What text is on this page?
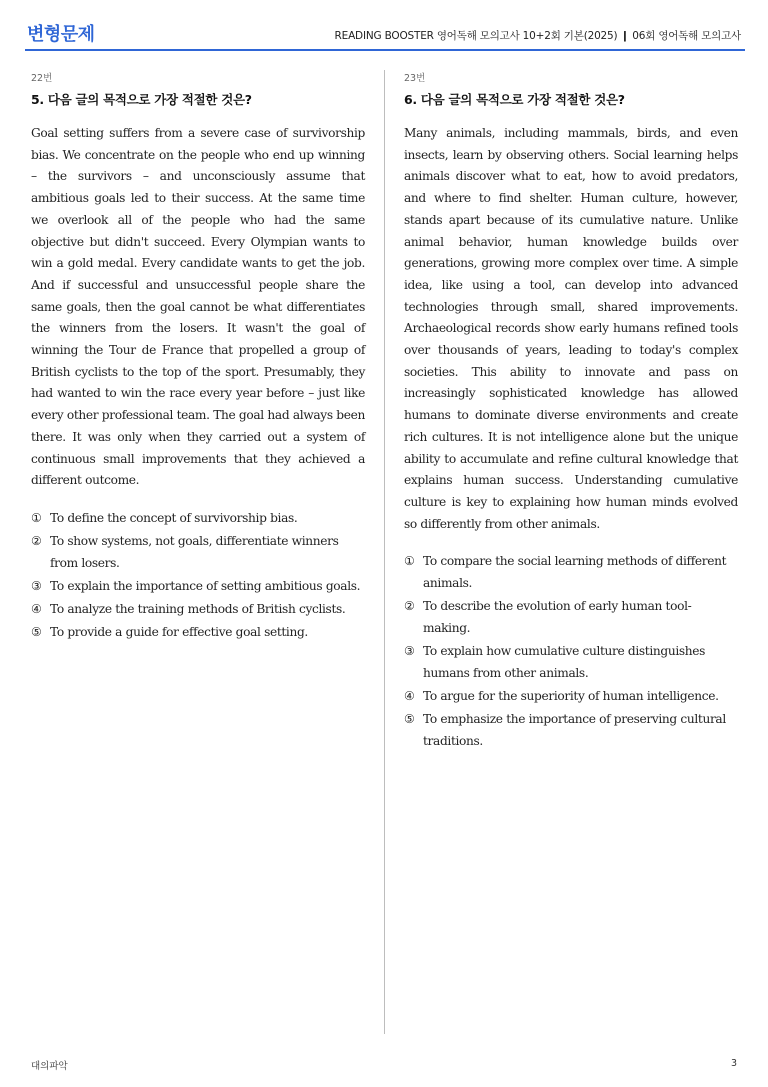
변형문제	READING BOOSTER 영어독해 모의고사 10+2회 기본(2025) ❙ 06회 영어독해 모의고사
22번
5. 다음 글의 목적으로 가장 적절한 것은?

Goal setting suffers from a severe case of survivorship bias. We concentrate on the people who end up winning – the survivors – and unconsciously assume that ambitious goals led to their success. At the same time we overlook all of the people who had the same objective but didn't succeed. Every Olympian wants to win a gold medal. Every candidate wants to get the job. And if successful and unsuccessful people share the same goals, then the goal cannot be what differentiates the winners from the losers. It wasn't the goal of winning the Tour de France that propelled a group of British cyclists to the top of the sport. Presumably, they had wanted to win the race every year before – just like every other professional team. The goal had always been there. It was only when they carried out a system of continuous small improvements that they achieved a different outcome.

① To define the concept of survivorship bias.
② To show systems, not goals, differentiate winners from losers.
③ To explain the importance of setting ambitious goals.
④ To analyze the training methods of British cyclists.
⑤ To provide a guide for effective goal setting.
23번
6. 다음 글의 목적으로 가장 적절한 것은?

Many animals, including mammals, birds, and even insects, learn by observing others. Social learning helps animals discover what to eat, how to avoid predators, and where to find shelter. Human culture, however, stands apart because of its cumulative nature. Unlike animal behavior, human knowledge builds over generations, growing more complex over time. A simple idea, like using a tool, can develop into advanced technologies through small, shared improvements. Archaeological records show early humans refined tools over thousands of years, leading to today's complex societies. This ability to innovate and pass on increasingly sophisticated knowledge has allowed humans to dominate diverse environments and create rich cultures. It is not intelligence alone but the unique ability to accumulate and refine cultural knowledge that explains human success. Understanding cumulative culture is key to explaining how human minds evolved so differently from other animals.

① To compare the social learning methods of different animals.
② To describe the evolution of early human tool-making.
③ To explain how cumulative culture distinguishes humans from other animals.
④ To argue for the superiority of human intelligence.
⑤ To emphasize the importance of preserving cultural traditions.
대의파악	3
